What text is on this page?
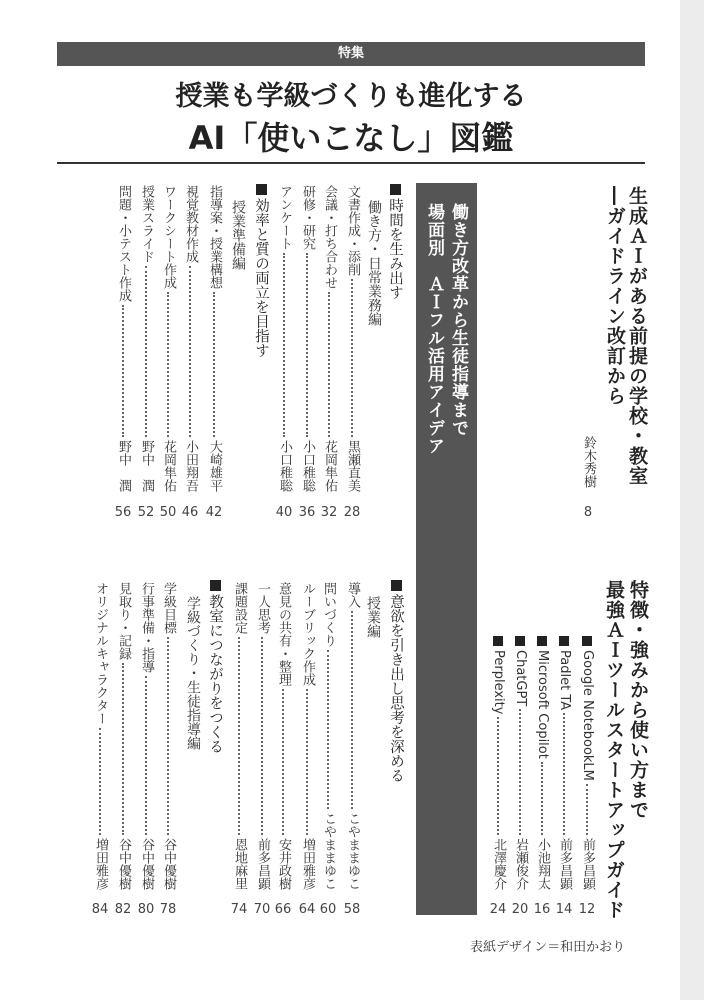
特集
授業も学級づくりも進化する
AI「使いこなし」図鑑
生成ＡＩがある前提の学校・教室
―ガイドライン改訂から
鈴木秀樹
8
特徴・強みから使い方まで
最強ＡＩツールスタートアップガイド
働き方改革から生徒指導まで
場面別　ＡＩフル活用アイデア
Google NotebookLM
前多昌顕
12
Padlet TA
前多昌顕
14
Microsoft Copilot
小池翔太
16
ChatGPT
岩瀬俊介
20
Perplexity
北澤慶介
24
時間を生み出す
働き方・日常業務編
文書作成・添削
黒瀬直美
28
会議・打ち合わせ
花岡隼佑
32
研修・研究
小口稚聡
36
アンケート
小口稚聡
40
効率と質の両立を目指す
授業準備編
指導案・授業構想
大崎雄平
42
視覚教材作成
小田翔吾
46
ワークシート作成
花岡隼佑
50
授業スライド
野中　潤
52
問題・小テスト作成
野中　潤
56
意欲を引き出し思考を深める
授業編
導入
こやままゆこ
58
問いづくり
こやままゆこ
60
ルーブリック作成
増田雅彦
64
意見の共有・整理
安井政樹
66
一人思考
前多昌顕
70
課題設定
恩地麻里
74
教室につながりをつくる
学級づくり・生徒指導編
学級目標
谷中優樹
78
行事準備・指導
谷中優樹
80
見取り・記録
谷中優樹
82
オリジナルキャラクター
増田雅彦
84
表紙デザイン＝和田かおり
